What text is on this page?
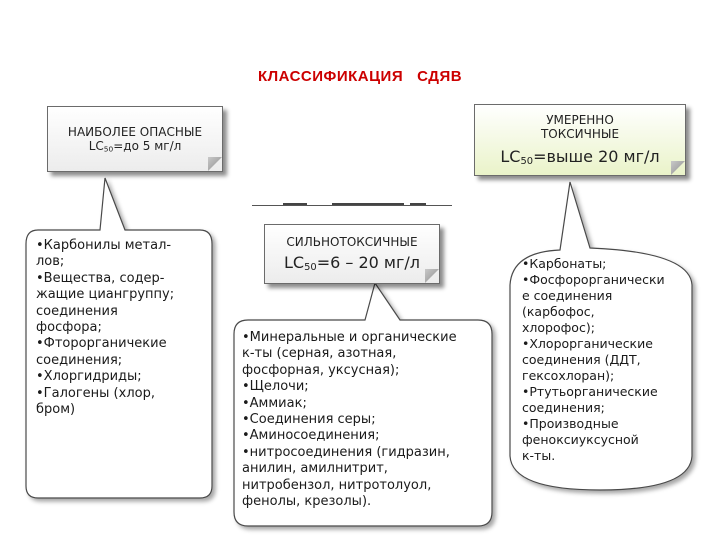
КЛАССИФИКАЦИЯ   СДЯВ
НАИБОЛЕЕ ОПАСНЫЕ
$LC_{50}=до$ 5 мг/л
УМЕРЕННО
ТОКСИЧНЫЕ
$LC_{50}=выше$ 20 мг/л
СИЛЬНОТОКСИЧНЫЕ
$LC_{50}=6 - 20$ мг/л
•Карбонилы метал-
лов;
•Вещества, содер-
жащие циангруппу;
соединения
фосфора;
•Фторорганичекие
соединения;
•Хлоргидриды;
•Галогены (хлор,
бром)
•Минеральные и органические
к-ты (серная, азотная,
фосфорная, уксусная);
•Щелочи;
•Аммиак;
•Соединения серы;
•Аминосоединения;
•нитросоединения (гидразин,
анилин, амилнитрит,
нитробензол, нитротолуол,
фенолы, крезолы).
•Карбонаты;
•Фосфорорганически
е соединения
(карбофос,
хлорофос);
•Хлорорганические
соединения (ДДТ,
гексохлоран);
•Ртутьорганические
соединения;
•Производные
феноксиуксусной
к-ты.
